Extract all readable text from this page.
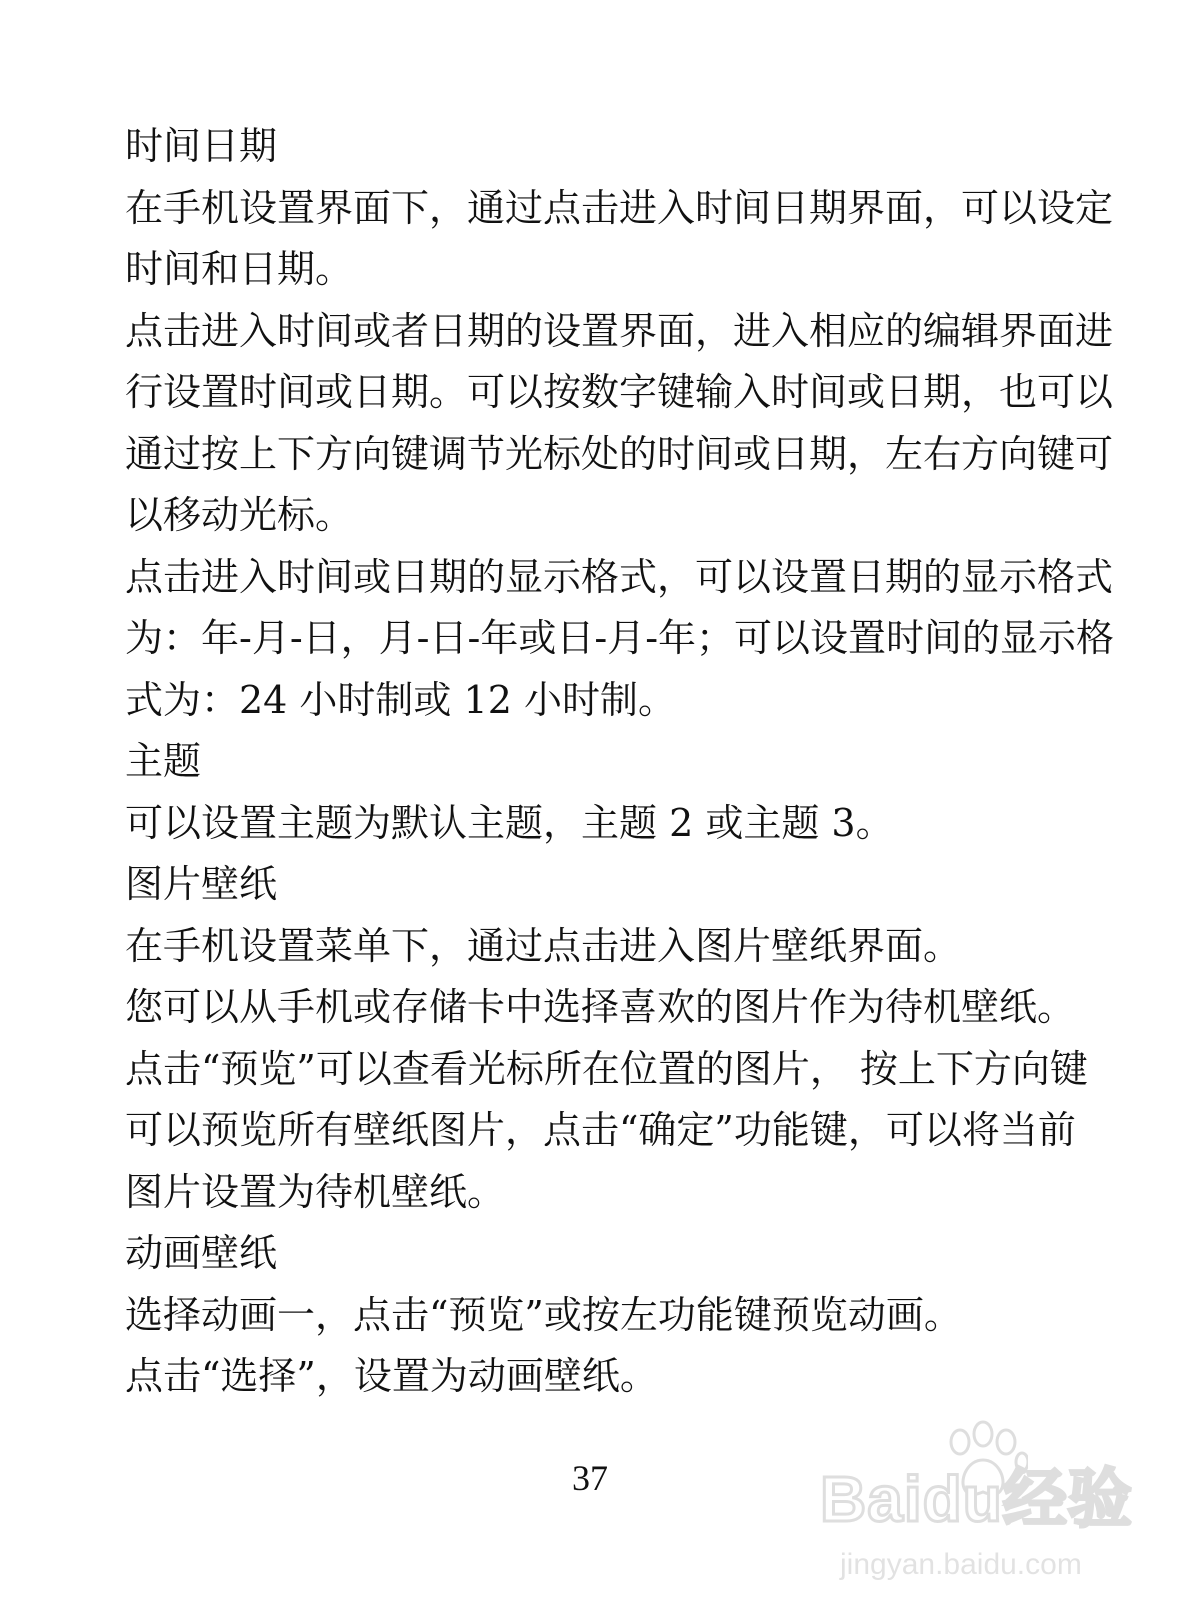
时间日期
在手机设置界面下，通过点击进入时间日期界面，可以设定
时间和日期。
点击进入时间或者日期的设置界面，进入相应的编辑界面进
行设置时间或日期。可以按数字键输入时间或日期，也可以
通过按上下方向键调节光标处的时间或日期，左右方向键可
以移动光标。
点击进入时间或日期的显示格式，可以设置日期的显示格式
为：年-月-日，月-日-年或日-月-年；可以设置时间的显示格
式为：24 小时制或 12 小时制。
主题
可以设置主题为默认主题，主题 2 或主题 3。
图片壁纸
在手机设置菜单下，通过点击进入图片壁纸界面。
您可以从手机或存储卡中选择喜欢的图片作为待机壁纸。
点击“预览”可以查看光标所在位置的图片， 按上下方向键
可以预览所有壁纸图片，点击“确定”功能键，可以将当前
图片设置为待机壁纸。
动画壁纸
选择动画一，点击“预览”或按左功能键预览动画。
点击“选择”，设置为动画壁纸。
37	Baidu经验
jingyan.baidu.com
